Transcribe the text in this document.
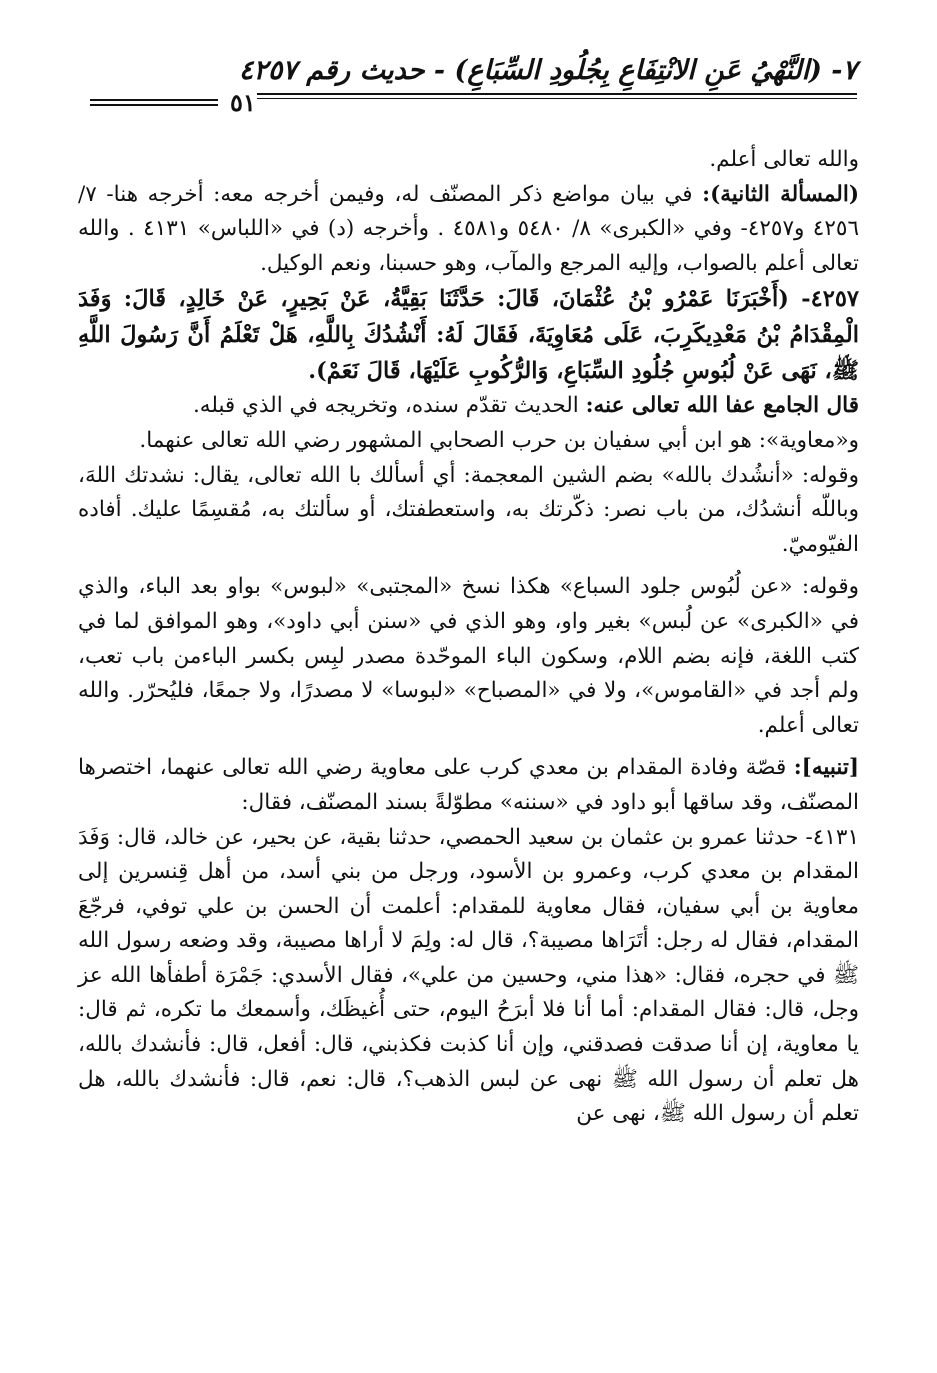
٧- (النَّهْيُ عَنِ الانْتِفَاعِ بِجُلُودِ السِّبَاعِ) - حديث رقم ٤٢٥٧
٥١

والله تعالى أعلم.

(المسألة الثانية): في بيان مواضع ذكر المصنّف له، وفيمن أخرجه معه: أخرجه هنا- ٧/ ٤٢٥٦ و٤٢٥٧- وفي «الكبرى» ٨/ ٥٤٨٠ و٤٥٨١ . وأخرجه (د) في «اللباس» ٤١٣١ . والله تعالى أعلم بالصواب، وإليه المرجع والمآب، وهو حسبنا، ونعم الوكيل.

٤٢٥٧- (أَخْبَرَنَا عَمْرُو بْنُ عُثْمَانَ، قَالَ: حَدَّثَنَا بَقِيَّةُ، عَنْ بَحِيرٍ، عَنْ خَالِدٍ، قَالَ: وَفَدَ الْمِقْدَامُ بْنُ مَعْدِيكَرِبَ، عَلَى مُعَاوِيَةَ، فَقَالَ لَهُ: أَنْشُدُكَ بِاللَّهِ، هَلْ تَعْلَمُ أَنَّ رَسُولَ اللَّهِ ﷺ، نَهَى عَنْ لُبُوسِ جُلُودِ السِّبَاعِ، وَالرُّكُوبِ عَلَيْهَا، قَالَ نَعَمْ).

قال الجامع عفا الله تعالى عنه: الحديث تقدّم سنده، وتخريجه في الذي قبله.

و«معاوية»: هو ابن أبي سفيان بن حرب الصحابي المشهور رضي الله تعالى عنهما.

وقوله: «أنشُدك بالله» بضم الشين المعجمة: أي أسألك با الله تعالى، يقال: نشدتك اللهَ، وباللّه أنشدُك، من باب نصر: ذكّرتك به، واستعطفتك، أو سألتك به، مُقسِمًا عليك. أفاده الفيّوميّ.

وقوله: «عن لُبُوس جلود السباع» هكذا نسخ «المجتبى» «لبوس» بواو بعد الباء، والذي في «الكبرى» عن لُبس» بغير واو، وهو الذي في «سنن أبي داود»، وهو الموافق لما في كتب اللغة، فإنه بضم اللام، وسكون الباء الموحّدة مصدر لبِس بكسر الباءمن باب تعب، ولم أجد في «القاموس»، ولا في «المصباح» «لبوسا» لا مصدرًا، ولا جمعًا، فليُحرّر. والله تعالى أعلم.

[تنبيه]: قصّة وفادة المقدام بن معدي كرب على معاوية رضي الله تعالى عنهما، اختصرها المصنّف، وقد ساقها أبو داود في «سننه» مطوّلةً بسند المصنّف، فقال:

٤١٣١- حدثنا عمرو بن عثمان بن سعيد الحمصي، حدثنا بقية، عن بحير، عن خالد، قال: وَفَدَ المقدام بن معدي كرب، وعمرو بن الأسود، ورجل من بني أسد، من أهل قِنسرين إلى معاوية بن أبي سفيان، فقال معاوية للمقدام: أعلمت أن الحسن بن علي توفي، فرجّعَ المقدام، فقال له رجل: أتَرَاها مصيبة؟، قال له: ولِمَ لا أراها مصيبة، وقد وضعه رسول الله ﷺ في حجره، فقال: «هذا مني، وحسين من علي»، فقال الأسدي: جَمْرَة أطفأها الله عز وجل، قال: فقال المقدام: أما أنا فلا أبرَحُ اليوم، حتى أُغيظَك، وأسمعك ما تكره، ثم قال: يا معاوية، إن أنا صدقت فصدقني، وإن أنا كذبت فكذبني، قال: أفعل، قال: فأنشدك بالله، هل تعلم أن رسول الله ﷺ نهى عن لبس الذهب؟، قال: نعم، قال: فأنشدك بالله، هل تعلم أن رسول الله ﷺ، نهى عن
